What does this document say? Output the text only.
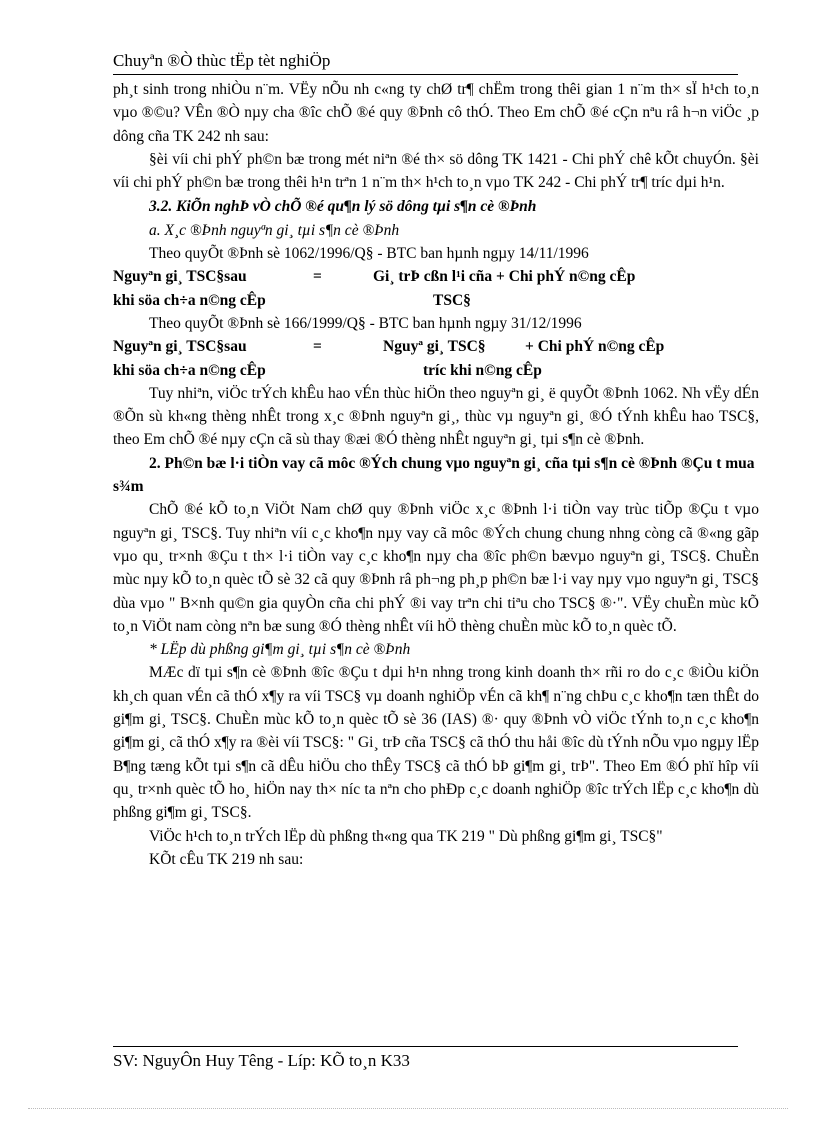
Chuyªn ®Ò thùc tËp tèt nghiÖp

ph¸t sinh trong nhiÒu n¨m. VËy nÕu nh c«ng ty chØ tr¶ chËm trong thêi gian 1 n¨m th× sÏ h¹ch to¸n vµo ®©u? VÊn ®Ò nµy cha ®îc chÕ ®é quy ®Þnh cô thÓ. Theo Em chÕ ®é cÇn nªu râ h¬n viÖc ¸p dông cña TK 242 nh sau:

§èi víi chi phÝ ph©n bæ trong mét niªn ®é th× sö dông TK 1421 - Chi phÝ chê kÕt chuyÓn. §èi víi chi phÝ ph©n bæ trong thêi h¹n trªn 1 n¨m th× h¹ch to¸n vµo TK 242 - Chi phÝ tr¶ tríc dµi h¹n.

3.2. KiÕn nghÞ vÒ chÕ ®é qu¶n lý sö dông tµi s¶n cè ®Þnh

a. X¸c ®Þnh nguyªn gi¸ tµi s¶n cè ®Þnh

Theo quyÕt ®Þnh sè 1062/1996/Q§ - BTC ban hµnh ngµy 14/11/1996

Nguyªn gi¸ TSC§sau	=	Gi¸ trÞ cßn l¹i cña + Chi phÝ n©ng cÊp
khi söa ch÷a n©ng cÊp	TSC§

Theo quyÕt ®Þnh sè 166/1999/Q§ - BTC ban hµnh ngµy 31/12/1996

Nguyªn gi¸ TSC§sau	=	Nguyª gi¸ TSC§	+ Chi phÝ n©ng cÊp
khi söa ch÷a n©ng cÊp	tríc khi n©ng cÊp

Tuy nhiªn, viÖc trÝch khÊu hao vÉn thùc hiÖn theo nguyªn gi¸ ë quyÕt ®Þnh 1062. Nh vËy dÉn ®Õn sù kh«ng thèng nhÊt trong x¸c ®Þnh nguyªn gi¸, thùc vµ nguyªn gi¸ ®Ó tÝnh khÊu hao TSC§, theo Em chÕ ®é nµy cÇn cã sù thay ®æi ®Ó thèng nhÊt nguyªn gi¸ tµi s¶n cè ®Þnh.

2. Ph©n bæ l·i tiÒn vay cã môc ®Ých chung vµo nguyªn gi¸ cña tµi s¶n cè ®Þnh ®Çu t mua s¾m

ChÕ ®é kÕ to¸n ViÖt Nam chØ quy ®Þnh viÖc x¸c ®Þnh l·i tiÒn vay trùc tiÕp ®Çu t vµo nguyªn gi¸ TSC§. Tuy nhiªn víi c¸c kho¶n nµy vay cã môc ®Ých chung chung nhng còng cã ®«ng gãp vµo qu¸ tr×nh ®Çu t th× l·i tiÒn vay c¸c kho¶n nµy cha ®îc ph©n bævµo nguyªn gi¸ TSC§. ChuÈn mùc nµy kÕ to¸n quèc tÕ sè 32 cã quy ®Þnh râ ph¬ng ph¸p ph©n bæ l·i vay nµy vµo nguyªn gi¸ TSC§ dùa vµo " B×nh qu©n gia quyÒn cña chi phÝ ®i vay trªn chi tiªu cho TSC§ ®·". VËy chuÈn mùc kÕ to¸n ViÖt nam còng nªn bæ sung ®Ó thèng nhÊt víi hÖ thèng chuÈn mùc kÕ to¸n quèc tÕ.

* LËp dù phßng gi¶m gi¸ tµi s¶n cè ®Þnh

MÆc dï tµi s¶n cè ®Þnh ®îc ®Çu t dµi h¹n nhng trong kinh doanh th× rñi ro do c¸c ®iÒu kiÖn kh¸ch quan vÉn cã thÓ x¶y ra víi TSC§ vµ doanh nghiÖp vÉn cã kh¶ n¨ng chÞu c¸c kho¶n tæn thÊt do gi¶m gi¸ TSC§. ChuÈn mùc kÕ to¸n quèc tÕ sè 36 (IAS) ®· quy ®Þnh vÒ viÖc tÝnh to¸n c¸c kho¶n gi¶m gi¸ cã thÓ x¶y ra ®èi víi TSC§: " Gi¸ trÞ cña TSC§ cã thÓ thu håi ®îc dù tÝnh nÕu vµo ngµy lËp B¶ng tæng kÕt tµi s¶n cã dÊu hiÖu cho thÊy TSC§ cã thÓ bÞ gi¶m gi¸ trÞ". Theo Em ®Ó phï hîp víi qu¸ tr×nh quèc tÕ ho¸ hiÖn nay th× níc ta nªn cho phÐp c¸c doanh nghiÖp ®îc trÝch lËp c¸c kho¶n dù phßng gi¶m gi¸ TSC§.

ViÖc h¹ch to¸n trÝch lËp dù phßng th«ng qua TK 219 " Dù phßng gi¶m gi¸ TSC§"

KÕt cÊu TK 219 nh sau:

SV: NguyÔn Huy Têng - Líp: KÕ to¸n K33
